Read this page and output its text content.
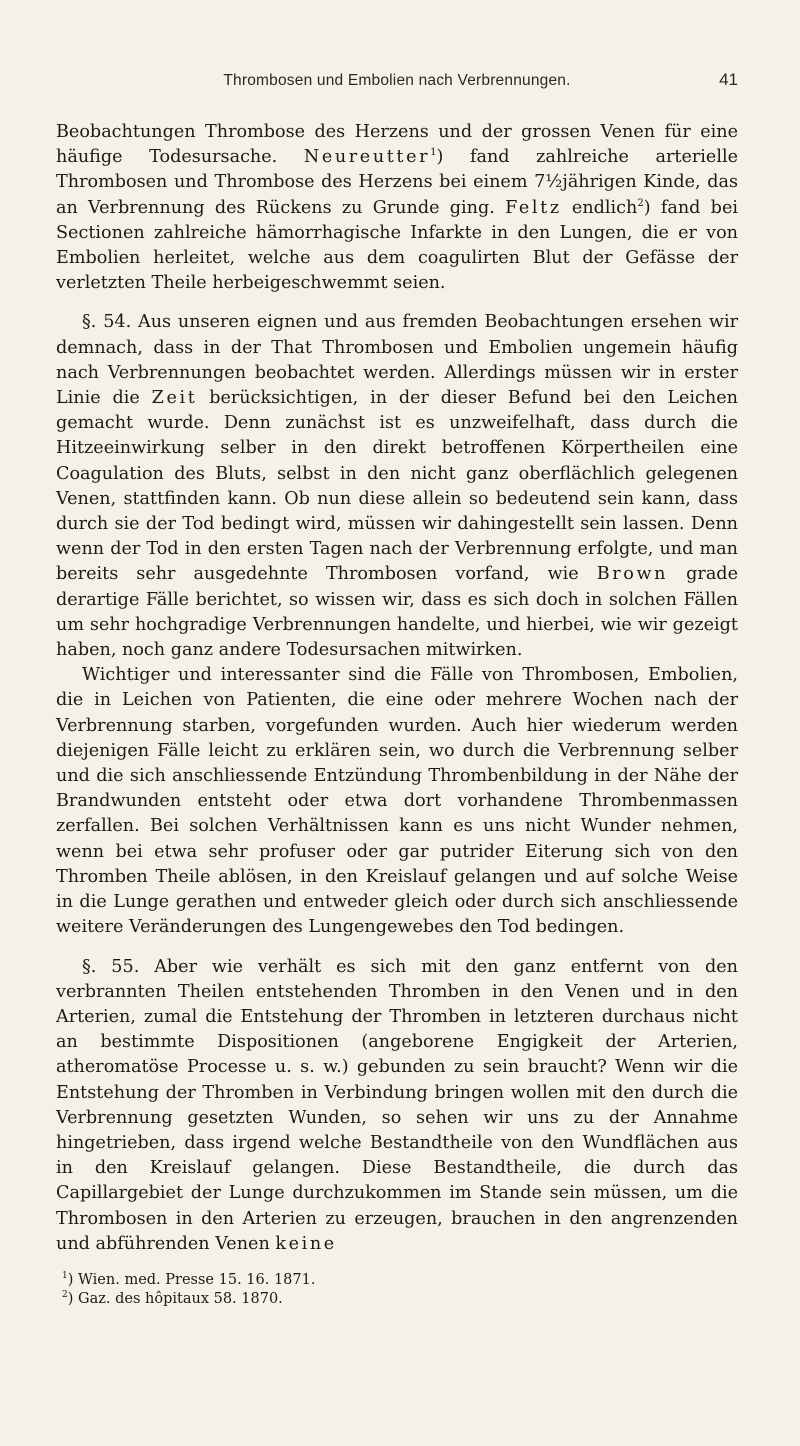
Thrombosen und Embolien nach Verbrennungen.	41

Beobachtungen Thrombose des Herzens und der grossen Venen für eine häufige Todesursache. Neureutter$^1$) fand zahlreiche arterielle Thrombosen und Thrombose des Herzens bei einem 7½jährigen Kinde, das an Verbrennung des Rückens zu Grunde ging. Feltz endlich$^2$) fand bei Sectionen zahlreiche hämorrhagische Infarkte in den Lungen, die er von Embolien herleitet, welche aus dem coagulirten Blut der Gefässe der verletzten Theile herbeigeschwemmt seien.

§. 54. Aus unseren eignen und aus fremden Beobachtungen ersehen wir demnach, dass in der That Thrombosen und Embolien ungemein häufig nach Verbrennungen beobachtet werden. Allerdings müssen wir in erster Linie die Zeit berücksichtigen, in der dieser Befund bei den Leichen gemacht wurde. Denn zunächst ist es unzweifelhaft, dass durch die Hitzeeinwirkung selber in den direkt betroffenen Körpertheilen eine Coagulation des Bluts, selbst in den nicht ganz oberflächlich gelegenen Venen, stattfinden kann. Ob nun diese allein so bedeutend sein kann, dass durch sie der Tod bedingt wird, müssen wir dahingestellt sein lassen. Denn wenn der Tod in den ersten Tagen nach der Verbrennung erfolgte, und man bereits sehr ausgedehnte Thrombosen vorfand, wie Brown grade derartige Fälle berichtet, so wissen wir, dass es sich doch in solchen Fällen um sehr hochgradige Verbrennungen handelte, und hierbei, wie wir gezeigt haben, noch ganz andere Todesursachen mitwirken.

Wichtiger und interessanter sind die Fälle von Thrombosen, Embolien, die in Leichen von Patienten, die eine oder mehrere Wochen nach der Verbrennung starben, vorgefunden wurden. Auch hier wiederum werden diejenigen Fälle leicht zu erklären sein, wo durch die Verbrennung selber und die sich anschliessende Entzündung Thrombenbildung in der Nähe der Brandwunden entsteht oder etwa dort vorhandene Thrombenmassen zerfallen. Bei solchen Verhältnissen kann es uns nicht Wunder nehmen, wenn bei etwa sehr profuser oder gar putrider Eiterung sich von den Thromben Theile ablösen, in den Kreislauf gelangen und auf solche Weise in die Lunge gerathen und entweder gleich oder durch sich anschliessende weitere Veränderungen des Lungengewebes den Tod bedingen.

§. 55. Aber wie verhält es sich mit den ganz entfernt von den verbrannten Theilen entstehenden Thromben in den Venen und in den Arterien, zumal die Entstehung der Thromben in letzteren durchaus nicht an bestimmte Dispositionen (angeborene Engigkeit der Arterien, atheromatöse Processe u. s. w.) gebunden zu sein braucht? Wenn wir die Entstehung der Thromben in Verbindung bringen wollen mit den durch die Verbrennung gesetzten Wunden, so sehen wir uns zu der Annahme hingetrieben, dass irgend welche Bestandtheile von den Wundflächen aus in den Kreislauf gelangen. Diese Bestandtheile, die durch das Capillargebiet der Lunge durchzukommen im Stande sein müssen, um die Thrombosen in den Arterien zu erzeugen, brauchen in den angrenzenden und abführenden Venen keine

$^1$) Wien. med. Presse 15. 16. 1871.

$^2$) Gaz. des hôpitaux 58. 1870.
